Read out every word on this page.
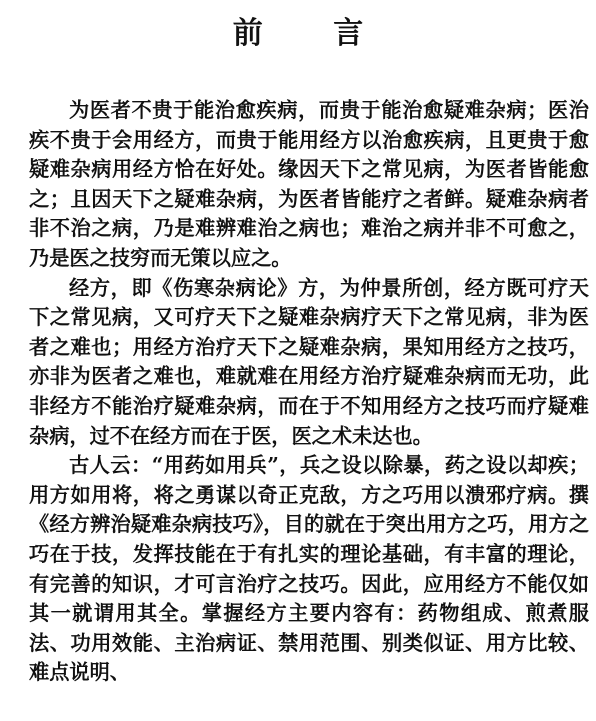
前 言

为医者不贵于能治愈疾病，而贵于能治愈疑难杂病；医治疾不贵于会用经方，而贵于能用经方以治愈疾病，且更贵于愈疑难杂病用经方恰在好处。缘因天下之常见病，为医者皆能愈之；且因天下之疑难杂病，为医者皆能疗之者鲜。疑难杂病者非不治之病，乃是难辨难治之病也；难治之病并非不可愈之，乃是医之技穷而无策以应之。

经方，即《伤寒杂病论》方，为仲景所创，经方既可疗天下之常见病，又可疗天下之疑难杂病疗天下之常见病，非为医者之难也；用经方治疗天下之疑难杂病，果知用经方之技巧，亦非为医者之难也，难就难在用经方治疗疑难杂病而无功，此非经方不能治疗疑难杂病，而在于不知用经方之技巧而疗疑难杂病，过不在经方而在于医，医之术未达也。

古人云：“用药如用兵”，兵之设以除暴，药之设以却疾；用方如用将，将之勇谋以奇正克敌，方之巧用以溃邪疗病。撰《经方辨治疑难杂病技巧》，目的就在于突出用方之巧，用方之巧在于技，发挥技能在于有扎实的理论基础，有丰富的理论，有完善的知识，才可言治疗之技巧。因此，应用经方不能仅如其一就谓用其全。掌握经方主要内容有：药物组成、煎煮服法、功用效能、主治病证、禁用范围、别类似证、用方比较、难点说明、
